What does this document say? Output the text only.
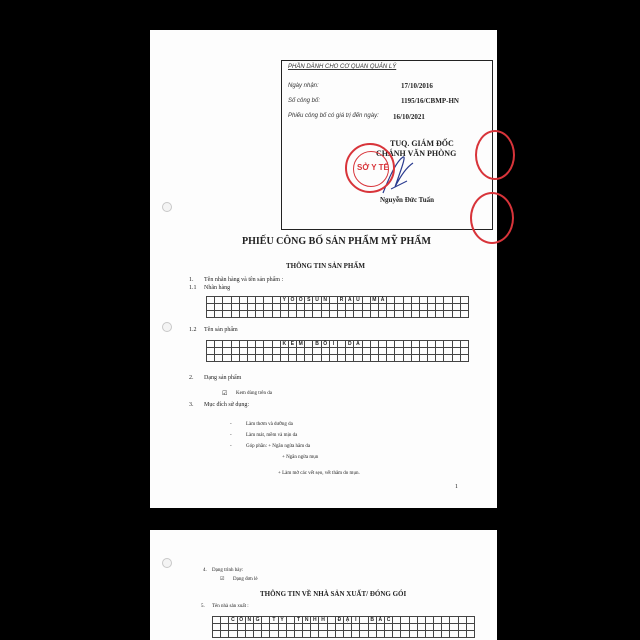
PHẦN DÀNH CHO CƠ QUAN QUẢN LÝ
Ngày nhận:	17/10/2016
Số công bố:	1195/16/CBMP-HN
Phiếu công bố có giá trị đến ngày: 16/10/2021
TUQ. GIÁM ĐỐC
CHÁNH VĂN PHÒNG
Nguyễn Đức Tuấn
SỞ Y TẾ
PHIẾU CÔNG BỐ SẢN PHẨM MỸ PHẨM
THÔNG TIN SẢN PHẨM
1. Tên nhãn hàng và tên sản phẩm :
1.1 Nhãn hàng
									Y	O	O	S	U	N		R	A	U		M	Á										

1.2 Tên sản phẩm
									K	E	M		B	Ô	I		D	A													

2. Dạng sản phẩm
☑ Kem dùng trên da
3. Mục đích sử dụng:
-	Làm thơm và dưỡng da
-	Làm mát, mềm và mịn da
-	Góp phần: + Ngăn ngừa hăm da
+ Ngăn ngừa mụn
+ Làm mờ các vết sẹo, vết thâm do mụn.
1
4. Dạng trình bày:
☑ Dạng đơn lẻ
THÔNG TIN VỀ NHÀ SẢN XUẤT/ ĐÓNG GÓI
5. Tên nhà sản xuất :
		C	Ô	N	G		T	Y		T	N	H	H		Đ	Ạ	I		B	Ắ	C										
